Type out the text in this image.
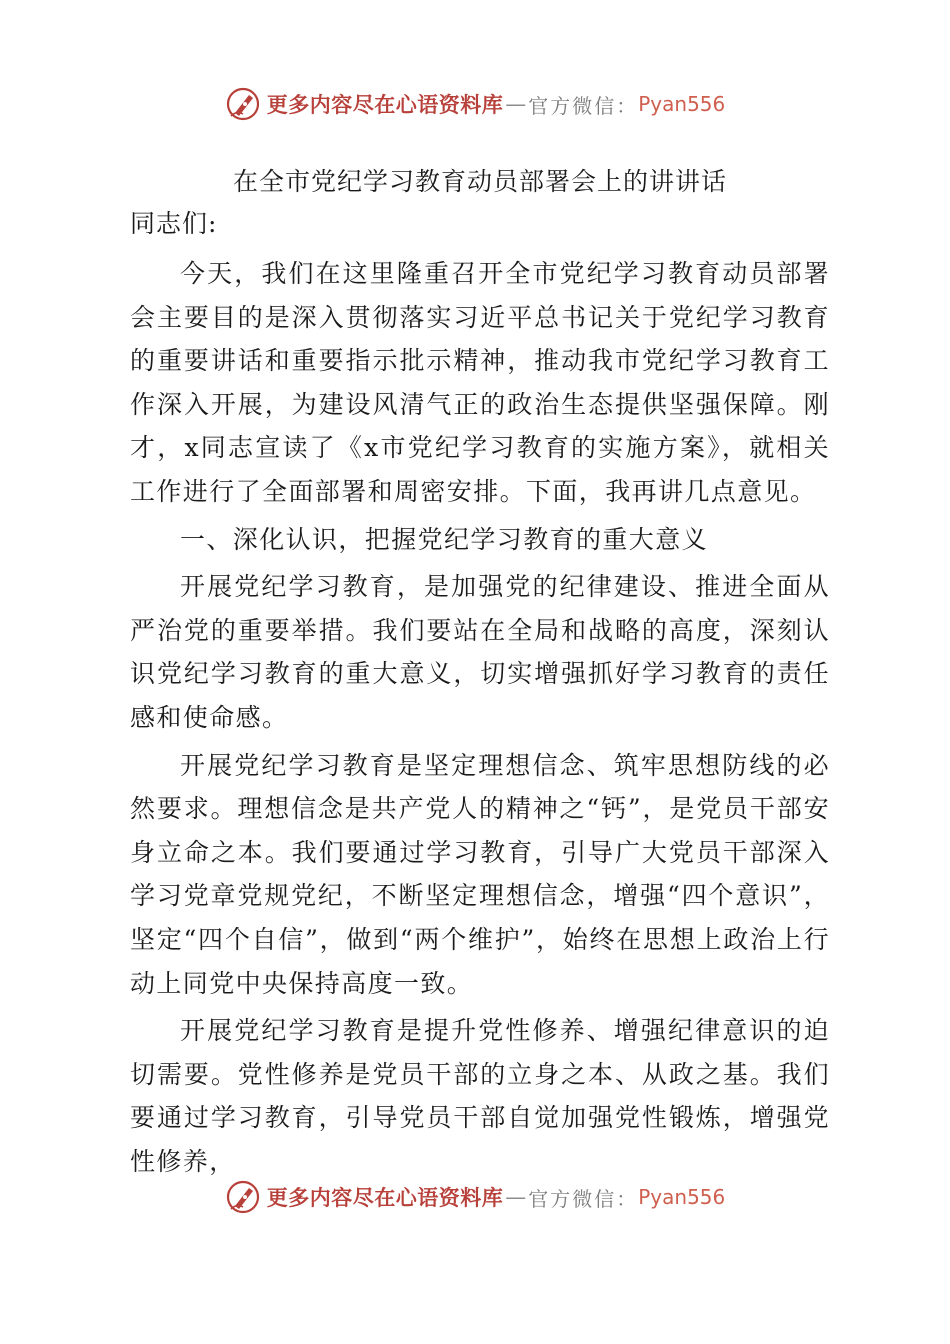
更多内容尽在心语资料库 — 官方微信： Pyan556
在全市党纪学习教育动员部署会上的讲讲话

同志们:

今天，我们在这里隆重召开全市党纪学习教育动员部署会主要目的是深入贯彻落实习近平总书记关于党纪学习教育的重要讲话和重要指示批示精神，推动我市党纪学习教育工作深入开展，为建设风清气正的政治生态提供坚强保障。刚才，x同志宣读了《x市党纪学习教育的实施方案》，就相关工作进行了全面部署和周密安排。下面，我再讲几点意见。

一、深化认识，把握党纪学习教育的重大意义

开展党纪学习教育，是加强党的纪律建设、推进全面从严治党的重要举措。我们要站在全局和战略的高度，深刻认识党纪学习教育的重大意义，切实增强抓好学习教育的责任感和使命感。

开展党纪学习教育是坚定理想信念、筑牢思想防线的必然要求。理想信念是共产党人的精神之“钙”，是党员干部安身立命之本。我们要通过学习教育，引导广大党员干部深入学习党章党规党纪，不断坚定理想信念，增强“四个意识”，坚定“四个自信”，做到“两个维护”，始终在思想上政治上行动上同党中央保持高度一致。

开展党纪学习教育是提升党性修养、增强纪律意识的迫切需要。党性修养是党员干部的立身之本、从政之基。我们要通过学习教育，引导党员干部自觉加强党性锻炼，增强党性修养，

更多内容尽在心语资料库 — 官方微信： Pyan556
